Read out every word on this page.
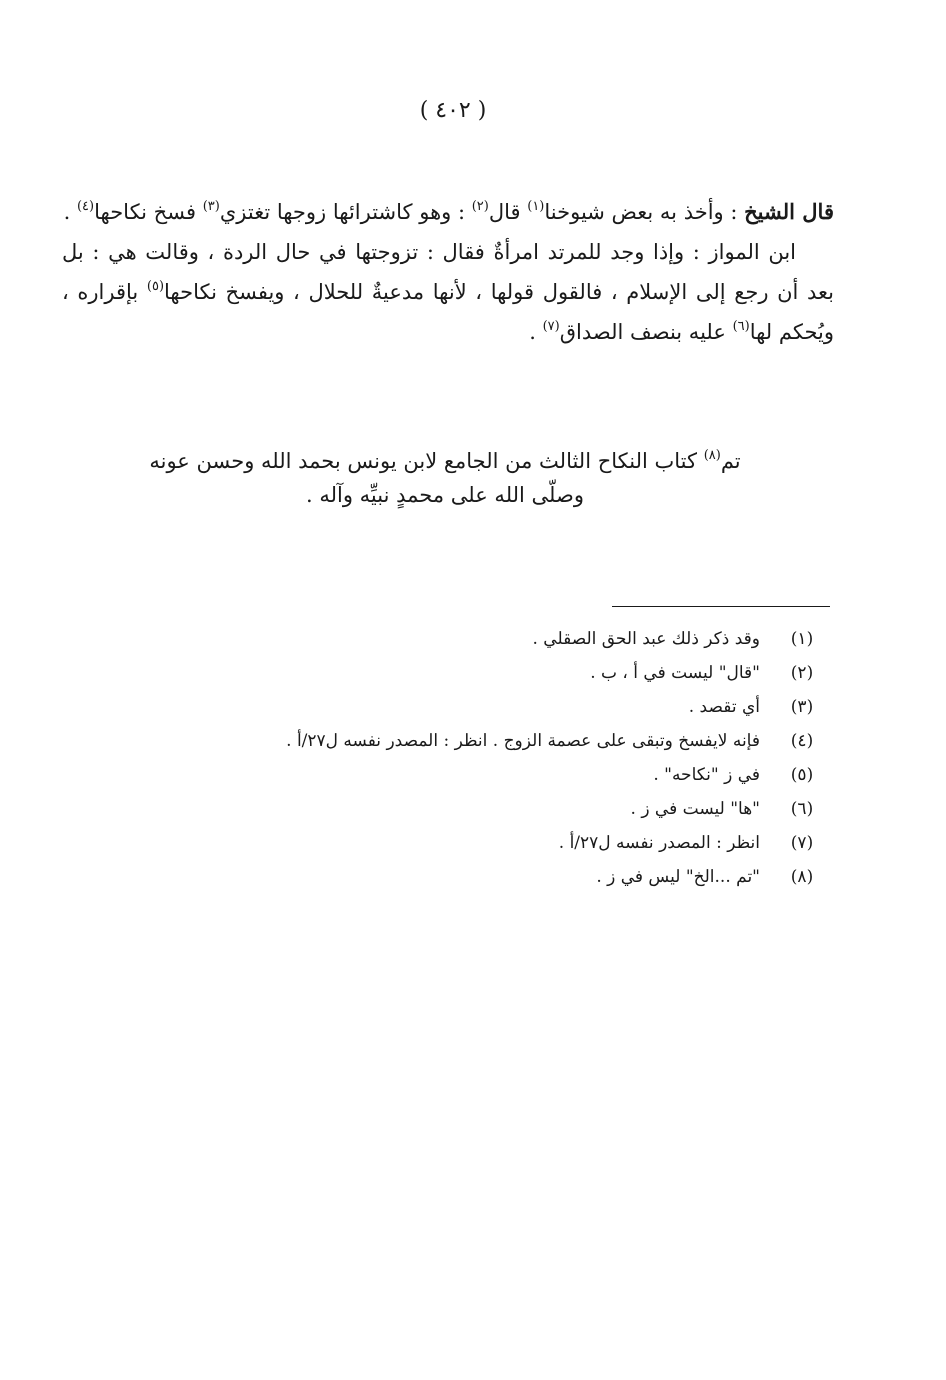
( ٤٠٢ )

قال الشيخ : وأخذ به بعض شيوخنا$^{(١)}$ قال$^{(٢)}$ : وهو كاشترائها زوجها تغتزي$^{(٣)}$ فسخ نكاحها$^{(٤)}$ .

ابن المواز : وإذا وجد للمرتد امرأةٌ فقال : تزوجتها في حال الردة ، وقالت هي : بل بعد أن رجع إلى الإسلام ، فالقول قولها ، لأنها مدعيةٌ للحلال ، ويفسخ نكاحها$^{(٥)}$ بإقراره ، ويُحكم لها$^{(٦)}$ عليه بنصف الصداق$^{(٧)}$ .

تم$^{(٨)}$ كتاب النكاح الثالث من الجامع لابن يونس بحمد الله وحسن عونه

وصلّى الله على محمدٍ نبيِّه وآله .

(١)
وقد ذكر ذلك عبد الحق الصقلي .
(٢)
"قال" ليست في أ ، ب .
(٣)
أي تقصد .
(٤)
فإنه لايفسخ وتبقى على عصمة الزوج . انظر : المصدر نفسه ل٢٧/أ .
(٥)
في ز "نكاحه" .
(٦)
"ها" ليست في ز .
(٧)
انظر : المصدر نفسه ل٢٧/أ .
(٨)
"تم ...الخ" ليس في ز .
